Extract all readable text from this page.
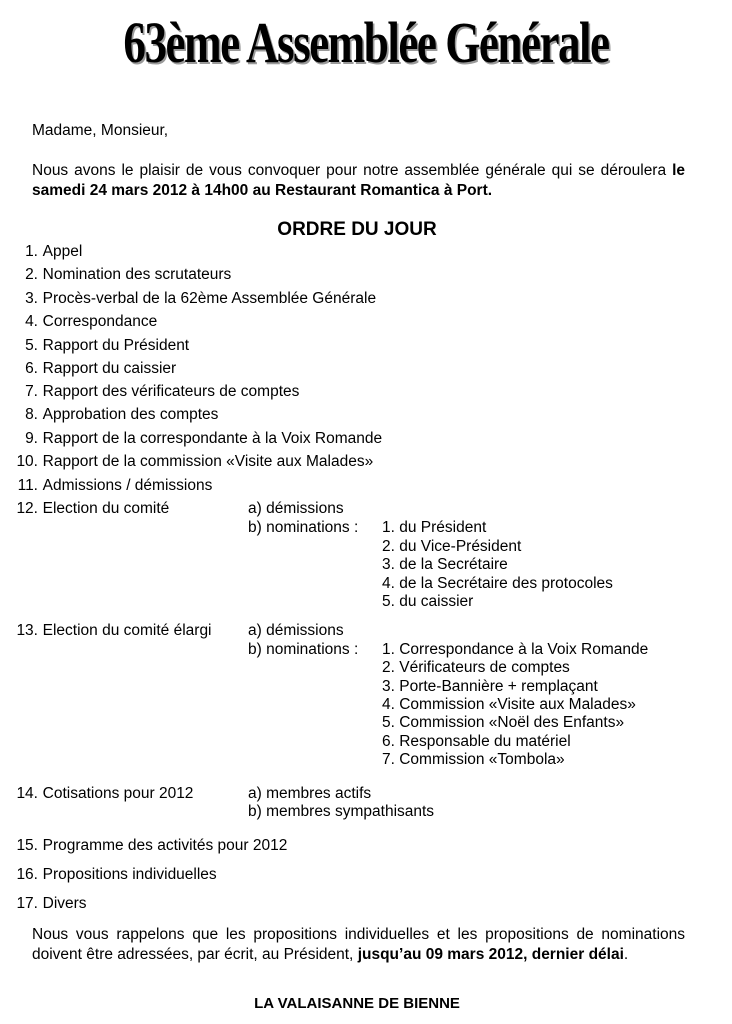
63ème Assemblée Générale
Madame, Monsieur,
Nous avons le plaisir de vous convoquer pour notre assemblée générale qui se déroulera le samedi 24 mars 2012 à 14h00 au Restaurant Romantica à Port.
ORDRE DU JOUR
1. Appel
2. Nomination des scrutateurs
3. Procès-verbal de la 62ème Assemblée Générale
4. Correspondance
5. Rapport du Président
6. Rapport du caissier
7. Rapport des vérificateurs de comptes
8. Approbation des comptes
9. Rapport de la correspondante à la Voix Romande
10. Rapport de la commission «Visite aux Malades»
11. Admissions / démissions
12. Election du comité	a) démissions
b) nominations : 1. du Président
2. du Vice-Président
3. de la Secrétaire
4. de la Secrétaire des protocoles
5. du caissier
13. Election du comité élargi a) démissions
b) nominations : 1. Correspondance à la Voix Romande
2. Vérificateurs de comptes
3. Porte-Bannière + remplaçant
4. Commission «Visite aux Malades»
5. Commission «Noël des Enfants»
6. Responsable du matériel
7. Commission «Tombola»
14. Cotisations pour 2012	a) membres actifs
b) membres sympathisants
15. Programme des activités pour 2012
16. Propositions individuelles
17. Divers
Nous vous rappelons que les propositions individuelles et les propositions de nominations doivent être adressées, par écrit, au Président, jusqu’au 09 mars 2012, dernier délai.
LA VALAISANNE DE BIENNE
